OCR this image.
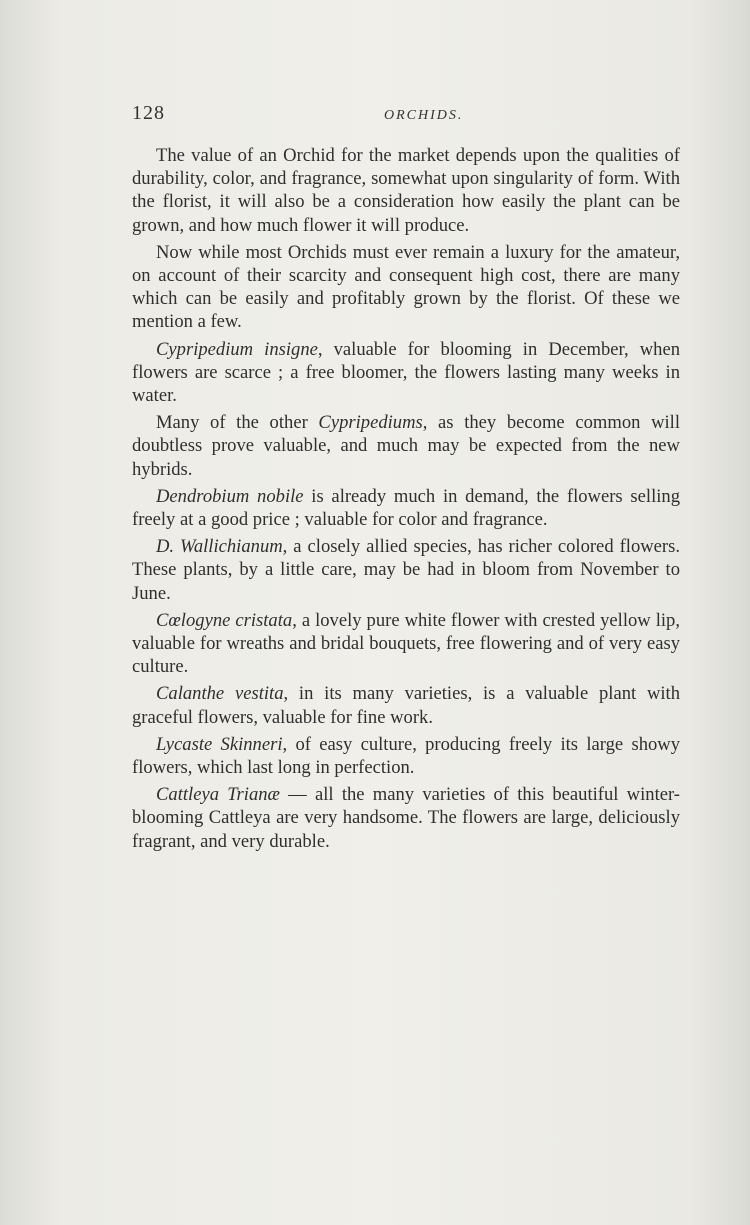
128	ORCHIDS.

The value of an Orchid for the market depends upon the qualities of durability, color, and fragrance, somewhat upon singularity of form. With the florist, it will also be a consideration how easily the plant can be grown, and how much flower it will produce.

Now while most Orchids must ever remain a luxury for the amateur, on account of their scarcity and consequent high cost, there are many which can be easily and profitably grown by the florist. Of these we mention a few.

Cypripedium insigne, valuable for blooming in December, when flowers are scarce ; a free bloomer, the flowers lasting many weeks in water.

Many of the other Cypripediums, as they become common will doubtless prove valuable, and much may be expected from the new hybrids.

Dendrobium nobile is already much in demand, the flowers selling freely at a good price ; valuable for color and fragrance.

D. Wallichianum, a closely allied species, has richer colored flowers. These plants, by a little care, may be had in bloom from November to June.

Cœlogyne cristata, a lovely pure white flower with crested yellow lip, valuable for wreaths and bridal bouquets, free flowering and of very easy culture.

Calanthe vestita, in its many varieties, is a valuable plant with graceful flowers, valuable for fine work.

Lycaste Skinneri, of easy culture, producing freely its large showy flowers, which last long in perfection.

Cattleya Trianæ — all the many varieties of this beautiful winter-blooming Cattleya are very handsome. The flowers are large, deliciously fragrant, and very durable.
